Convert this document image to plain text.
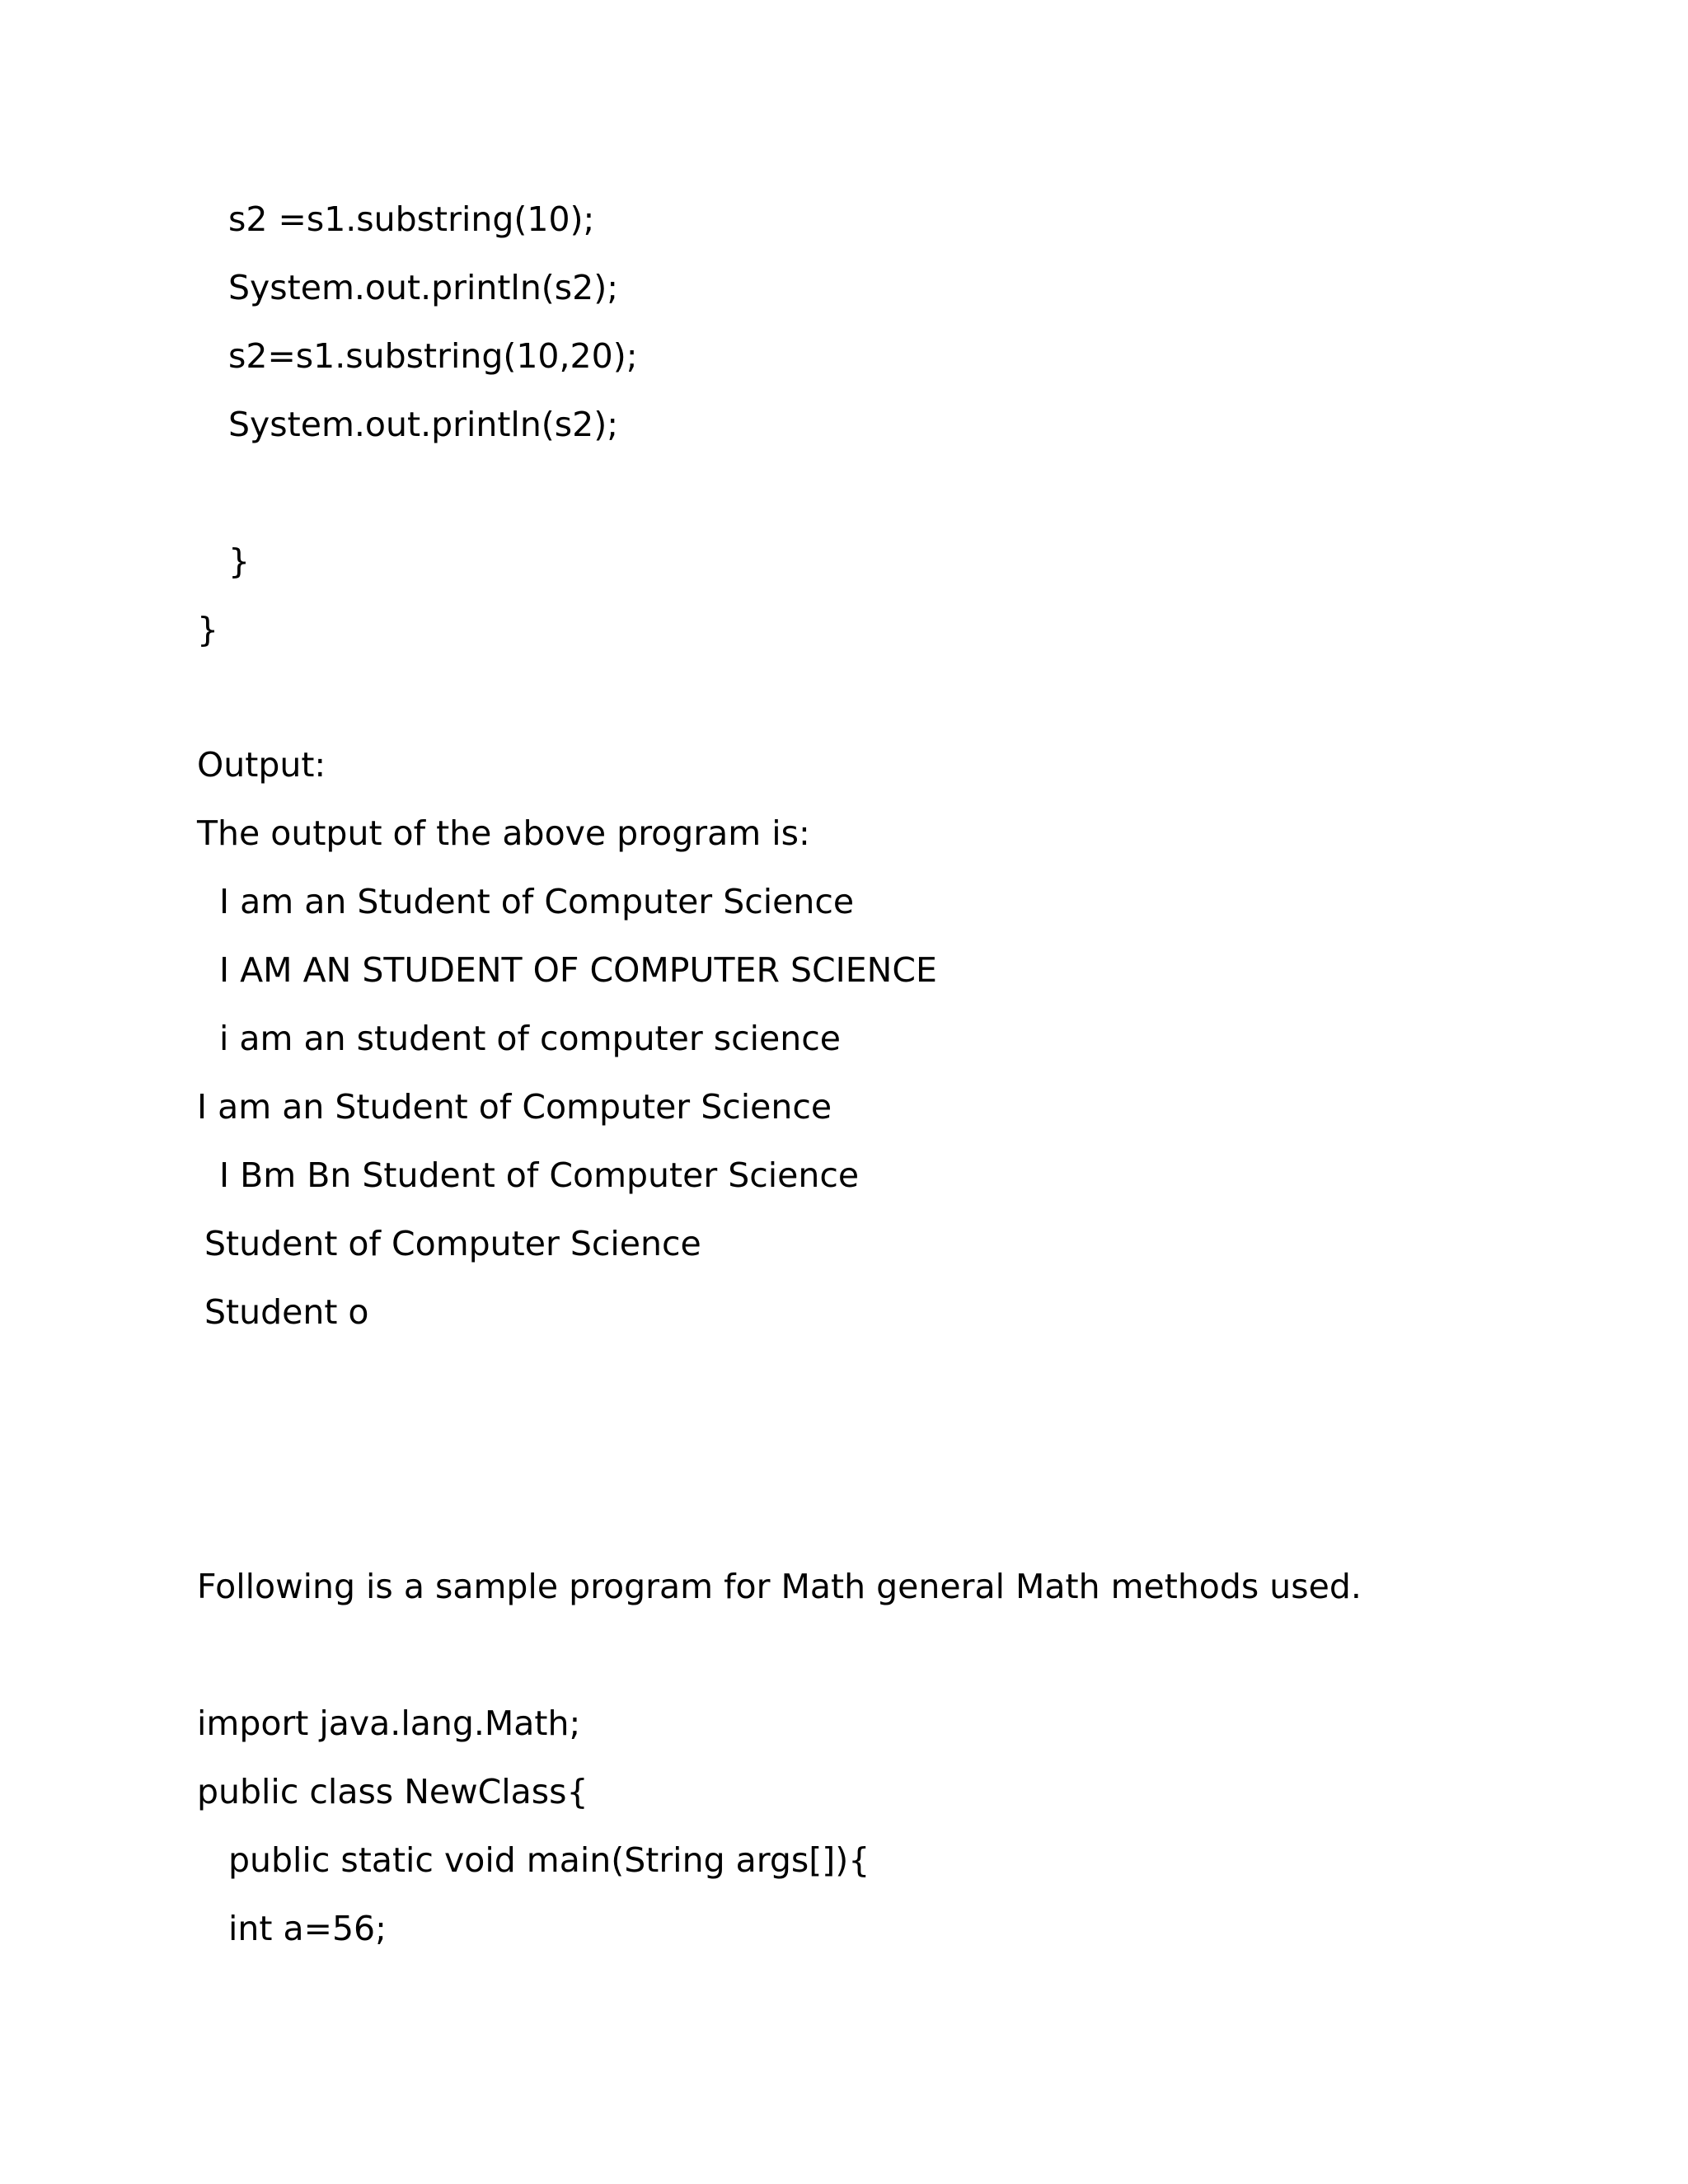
s2 =s1.substring(10);
System.out.println(s2);
s2=s1.substring(10,20);
System.out.println(s2);
}
}
Output:
The output of the above program is:
I am an Student of Computer Science
I AM AN STUDENT OF COMPUTER SCIENCE
i am an student of computer science
I am an Student of Computer Science
I Bm Bn Student of Computer Science
Student of Computer Science
Student o
Following is a sample program for Math general Math methods used.
import java.lang.Math;
public class NewClass{
public static void main(String args[]){
int a=56;
